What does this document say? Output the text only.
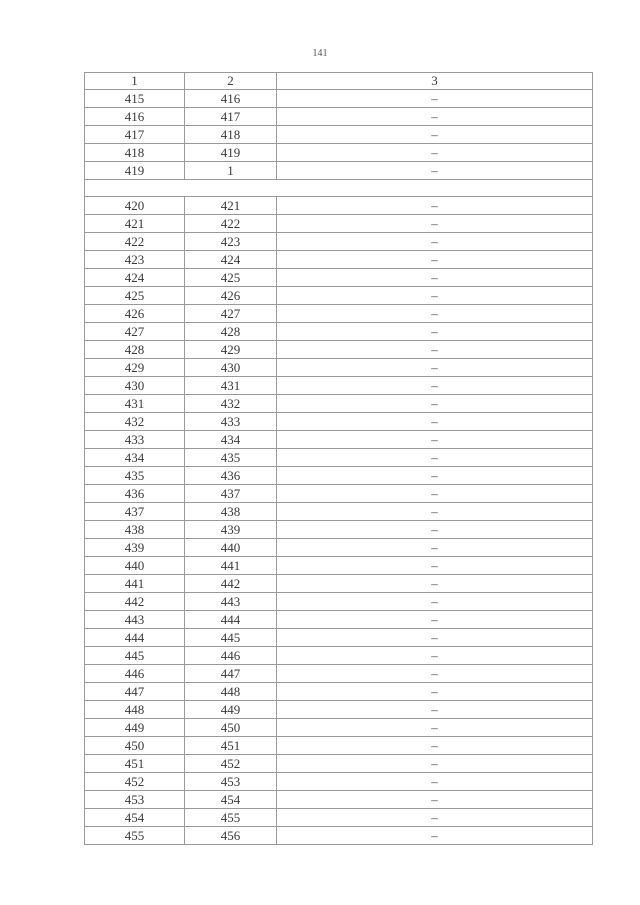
141
1	2	3
415	416	–
416	417	–
417	418	–
418	419	–
419	1	–

420	421	–
421	422	–
422	423	–
423	424	–
424	425	–
425	426	–
426	427	–
427	428	–
428	429	–
429	430	–
430	431	–
431	432	–
432	433	–
433	434	–
434	435	–
435	436	–
436	437	–
437	438	–
438	439	–
439	440	–
440	441	–
441	442	–
442	443	–
443	444	–
444	445	–
445	446	–
446	447	–
447	448	–
448	449	–
449	450	–
450	451	–
451	452	–
452	453	–
453	454	–
454	455	–
455	456	–
